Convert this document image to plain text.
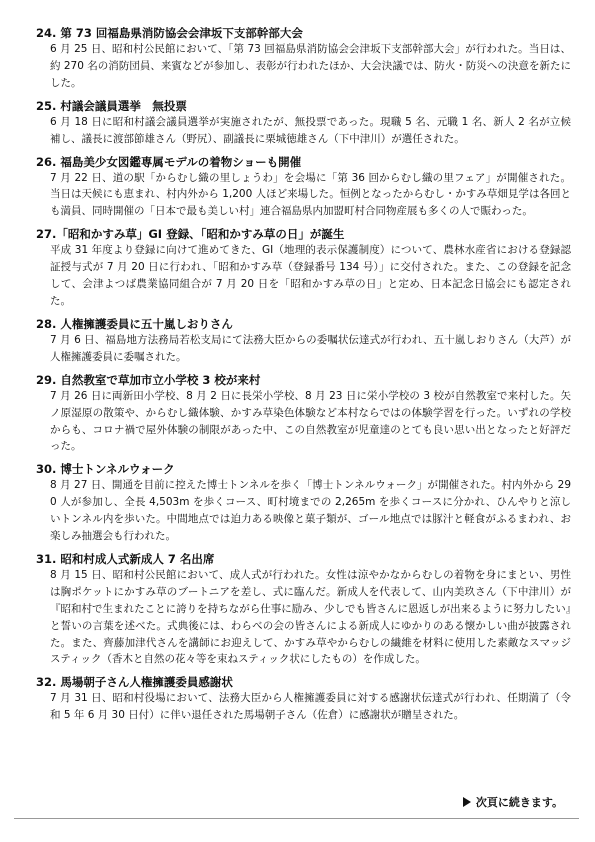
24. 第 73 回福島県消防協会会津坂下支部幹部大会
6 月 25 日、昭和村公民館において、「第 73 回福島県消防協会会津坂下支部幹部大会」が行われた。当日は、約 270 名の消防団員、来賓などが参加し、表彰が行われたほか、大会決議では、防火・防災への決意を新たにした。
25. 村議会議員選挙　無投票
6 月 18 日に昭和村議会議員選挙が実施されたが、無投票であった。現職 5 名、元職 1 名、新人 2 名が立候補し、議長に渡部節雄さん（野尻）、副議長に栗城徳雄さん（下中津川）が選任された。
26. 福島美少女図鑑専属モデルの着物ショーも開催
7 月 22 日、道の駅「からむし織の里しょうわ」を会場に「第 36 回からむし織の里フェア」が開催された。当日は天候にも恵まれ、村内外から 1,200 人ほど来場した。恒例となったからむし・かすみ草畑見学は各回とも満員、同時開催の「日本で最も美しい村」連合福島県内加盟町村合同物産展も多くの人で賑わった。
27.「昭和かすみ草」GI 登録、「昭和かすみ草の日」が誕生
平成 31 年度より登録に向けて進めてきた、GI（地理的表示保護制度）について、農林水産省における登録認証授与式が 7 月 20 日に行われ、「昭和かすみ草（登録番号 134 号）」に交付された。また、この登録を記念して、会津よつば農業協同組合が 7 月 20 日を「昭和かすみ草の日」と定め、日本記念日協会にも認定された。
28. 人権擁護委員に五十嵐しおりさん
7 月 6 日、福島地方法務局若松支局にて法務大臣からの委嘱状伝達式が行われ、五十嵐しおりさん（大芦）が人権擁護委員に委嘱された。
29. 自然教室で草加市立小学校 3 校が来村
7 月 26 日に両新田小学校、8 月 2 日に長栄小学校、8 月 23 日に栄小学校の 3 校が自然教室で来村した。矢ノ原湿原の散策や、からむし織体験、かすみ草染色体験など本村ならではの体験学習を行った。いずれの学校からも、コロナ禍で屋外体験の制限があった中、この自然教室が児童達のとても良い思い出となったと好評だった。
30. 博士トンネルウォーク
8 月 27 日、開通を目前に控えた博士トンネルを歩く「博士トンネルウォーク」が開催された。村内外から 290 人が参加し、全長 4,503m を歩くコース、町村境までの 2,265m を歩くコースに分かれ、ひんやりと涼しいトンネル内を歩いた。中間地点では迫力ある映像と菓子類が、ゴール地点では豚汁と軽食がふるまわれ、お楽しみ抽選会も行われた。
31. 昭和村成人式新成人 7 名出席
8 月 15 日、昭和村公民館において、成人式が行われた。女性は涼やかなからむしの着物を身にまとい、男性は胸ポケットにかすみ草のブートニアを差し、式に臨んだ。新成人を代表して、山内美玖さん（下中津川）が『昭和村で生まれたことに誇りを持ちながら仕事に励み、少しでも皆さんに恩返しが出来るように努力したい』と誓いの言葉を述べた。式典後には、わらべの会の皆さんによる新成人にゆかりのある懐かしい曲が披露された。また、齊藤加津代さんを講師にお迎えして、かすみ草やからむしの繊維を材料に使用した素敵なスマッジスティック（香木と自然の花々等を束ねスティック状にしたもの）を作成した。
32. 馬場朝子さん人権擁護委員感謝状
7 月 31 日、昭和村役場において、法務大臣から人権擁護委員に対する感謝状伝達式が行われ、任期満了（令和 5 年 6 月 30 日付）に伴い退任された馬場朝子さん（佐倉）に感謝状が贈呈された。
次頁に続きます。
